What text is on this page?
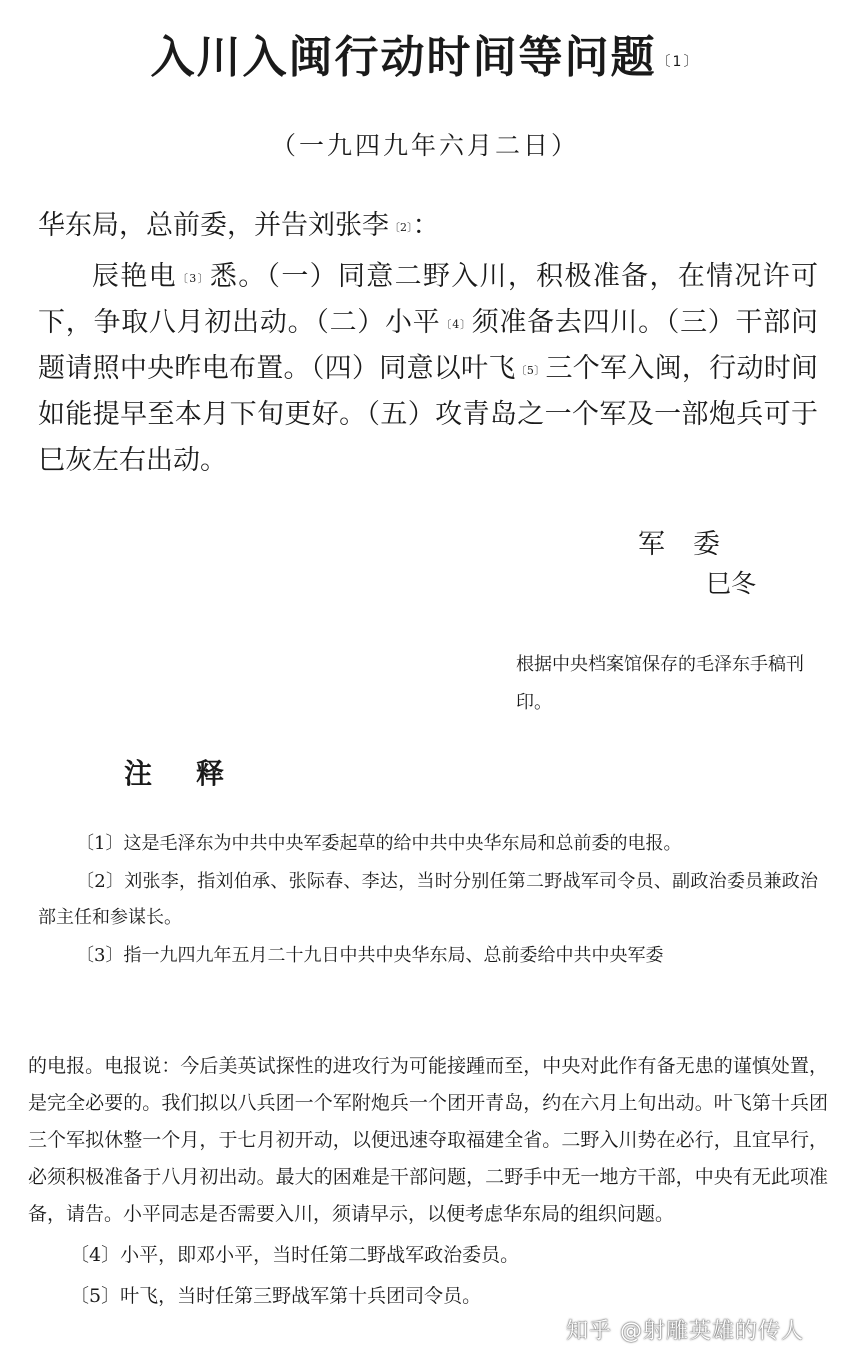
入川入闽行动时间等问题$^{〔1〕}$
（一九四九年六月二日）
华东局，总前委，并告刘张李$^{〔2〕}$：

辰艳电$^{〔3〕}$悉。（一）同意二野入川，积极准备，在情况许可下，争取八月初出动。（二）小平$^{〔4〕}$须准备去四川。（三）干部问题请照中央昨电布置。（四）同意以叶飞$^{〔5〕}$三个军入闽，行动时间如能提早至本月下旬更好。（五）攻青岛之一个军及一部炮兵可于巳灰左右出动。

军委
巳冬
根据中央档案馆保存的毛泽东手稿刊印。
注释

〔1〕这是毛泽东为中共中央军委起草的给中共中央华东局和总前委的电报。

〔2〕刘张李，指刘伯承、张际春、李达，当时分别任第二野战军司令员、副政治委员兼政治部主任和参谋长。

〔3〕指一九四九年五月二十九日中共中央华东局、总前委给中共中央军委

的电报。电报说：今后美英试探性的进攻行为可能接踵而至，中央对此作有备无患的谨慎处置，是完全必要的。我们拟以八兵团一个军附炮兵一个团开青岛，约在六月上旬出动。叶飞第十兵团三个军拟休整一个月，于七月初开动，以便迅速夺取福建全省。二野入川势在必行，且宜早行，必须积极准备于八月初出动。最大的困难是干部问题，二野手中无一地方干部，中央有无此项准备，请告。小平同志是否需要入川，须请早示，以便考虑华东局的组织问题。

〔4〕小平，即邓小平，当时任第二野战军政治委员。

〔5〕叶飞，当时任第三野战军第十兵团司令员。

知乎 @射雕英雄的传人
